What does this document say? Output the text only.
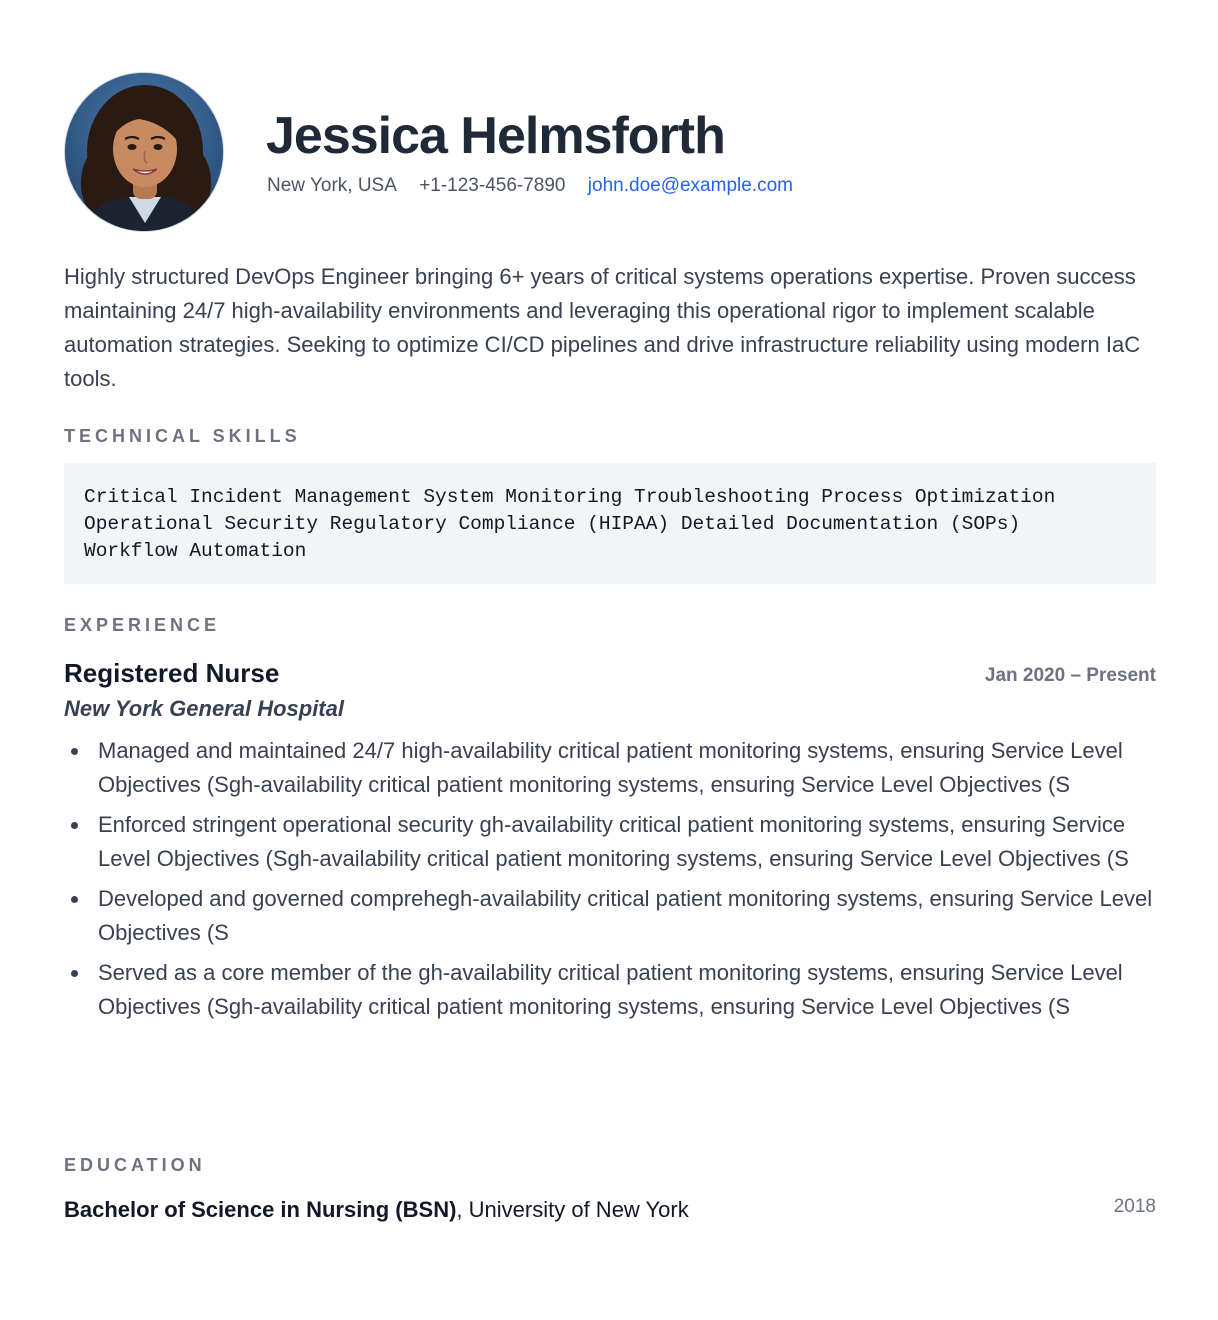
Jessica Helmsforth
New York, USA +1-123-456-7890 john.doe@example.com

Highly structured DevOps Engineer bringing 6+ years of critical systems operations expertise. Proven success maintaining 24/7 high-availability environments and leveraging this operational rigor to implement scalable automation strategies. Seeking to optimize CI/CD pipelines and drive infrastructure reliability using modern IaC tools.

TECHNICAL SKILLS
Critical Incident Management System Monitoring Troubleshooting Process Optimization
Operational Security Regulatory Compliance (HIPAA) Detailed Documentation (SOPs)
Workflow Automation
EXPERIENCE
Registered Nurse	Jan 2020 – Present
New York General Hospital
Managed and maintained 24/7 high-availability critical patient monitoring systems, ensuring Service Level Objectives (Sgh-availability critical patient monitoring systems, ensuring Service Level Objectives (S
Enforced stringent operational security gh-availability critical patient monitoring systems, ensuring Service Level Objectives (Sgh-availability critical patient monitoring systems, ensuring Service Level Objectives (S
Developed and governed comprehegh-availability critical patient monitoring systems, ensuring Service Level Objectives (S
Served as a core member of the gh-availability critical patient monitoring systems, ensuring Service Level Objectives (Sgh-availability critical patient monitoring systems, ensuring Service Level Objectives (S
EDUCATION
Bachelor of Science in Nursing (BSN), University of New York	2018
